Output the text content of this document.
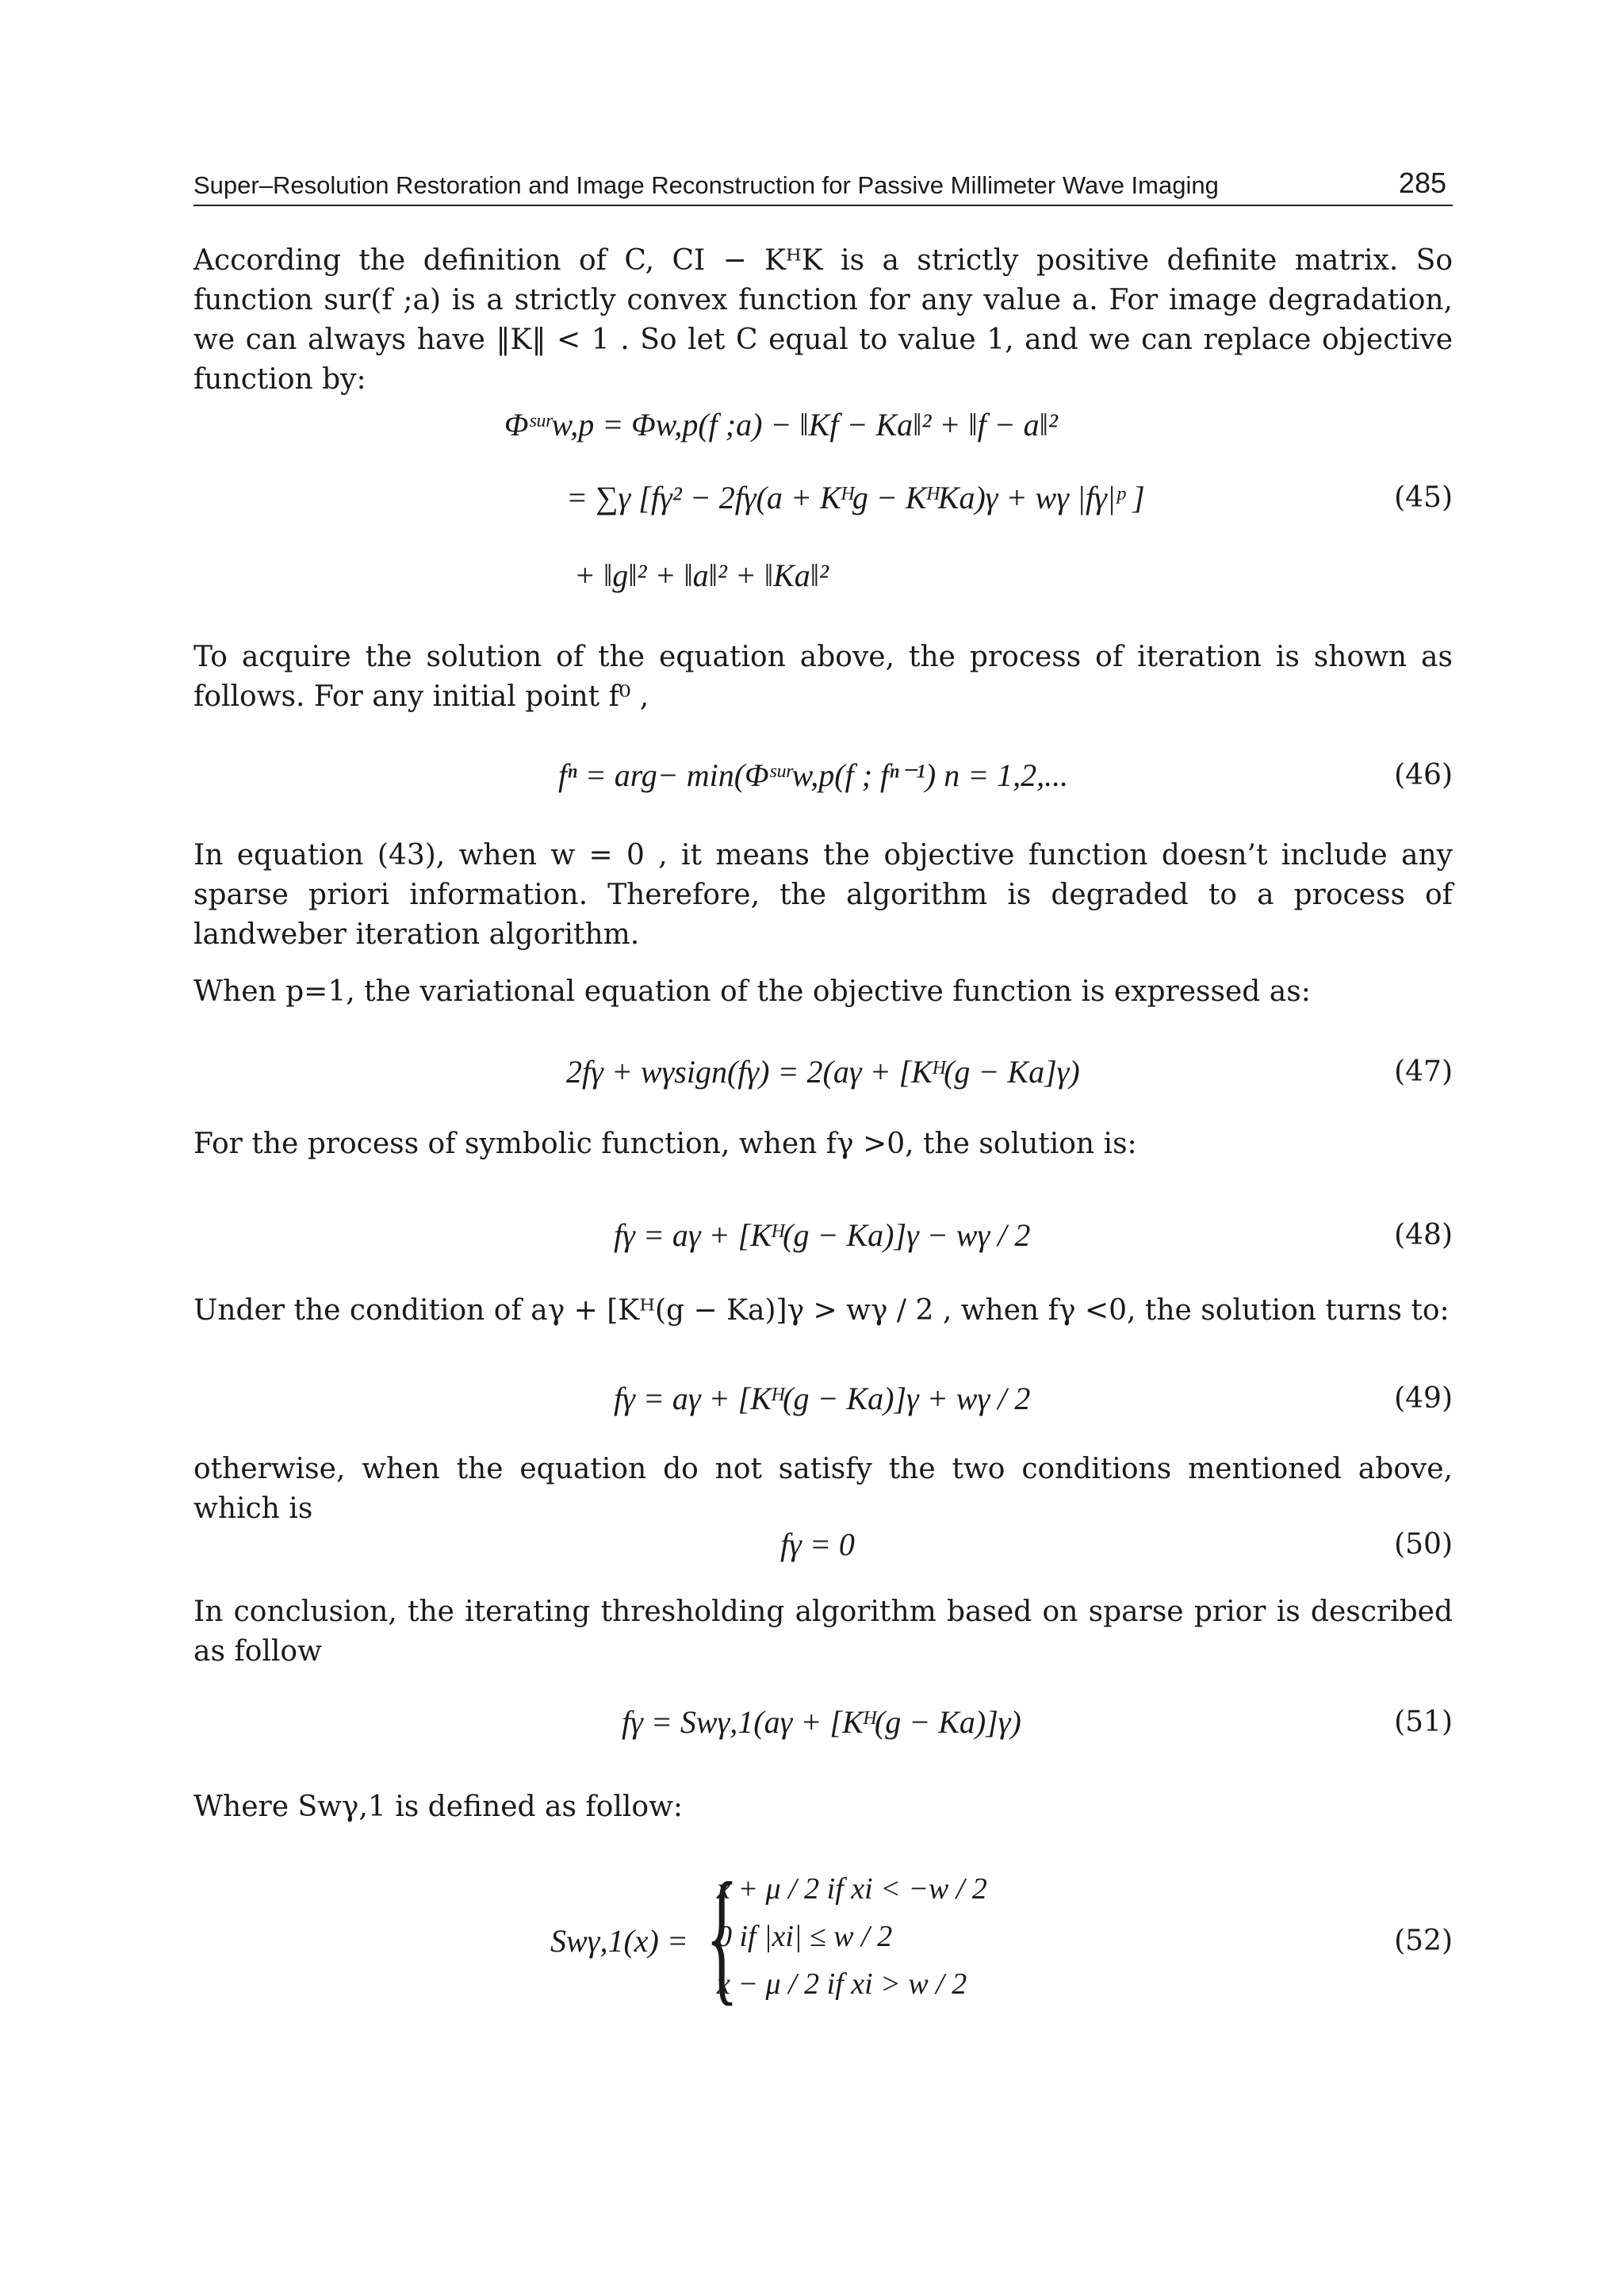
Super–Resolution Restoration and Image Reconstruction for Passive Millimeter Wave Imaging	285
According the definition of C, CI − KᴴK is a strictly positive definite matrix. So function sur(f ;a) is a strictly convex function for any value a. For image degradation, we can always have ‖K‖ < 1 . So let C equal to value 1, and we can replace objective function by:
Φˢᵘʳw,p = Φw,p(f ;a) − ‖Kf − Ka‖² + ‖f − a‖²
= ∑γ [fγ² − 2fγ(a + Kᴴg − KᴴKa)γ + wγ |fγ|ᵖ ]
+ ‖g‖² + ‖a‖² + ‖Ka‖²
(45)
To acquire the solution of the equation above, the process of iteration is shown as follows. For any initial point f⁰ ,
fⁿ = arg− min(Φˢᵘʳw,p(f ; fⁿ⁻¹) n = 1,2,...	(46)
In equation (43), when w = 0 , it means the objective function doesn’t include any sparse priori information. Therefore, the algorithm is degraded to a process of landweber iteration algorithm.
When p=1, the variational equation of the objective function is expressed as:
2fγ + wγsign(fγ) = 2(aγ + [Kᴴ(g − Ka]γ)	(47)
For the process of symbolic function, when fγ >0, the solution is:
fγ = aγ + [Kᴴ(g − Ka)]γ − wγ / 2	(48)
Under the condition of aγ + [Kᴴ(g − Ka)]γ > wγ / 2 , when fγ <0, the solution turns to:
fγ = aγ + [Kᴴ(g − Ka)]γ + wγ / 2	(49)
otherwise, when the equation do not satisfy the two conditions mentioned above, which is
fγ = 0	(50)
In conclusion, the iterating thresholding algorithm based on sparse prior is described as follow
fγ = Swγ,1(aγ + [Kᴴ(g − Ka)]γ)	(51)
Where Swγ,1 is defined as follow:
Swγ,1(x) = {
x + μ / 2 if xi < −w / 2
0 if |xi| ≤ w / 2
x − μ / 2 if xi > w / 2
(52)
